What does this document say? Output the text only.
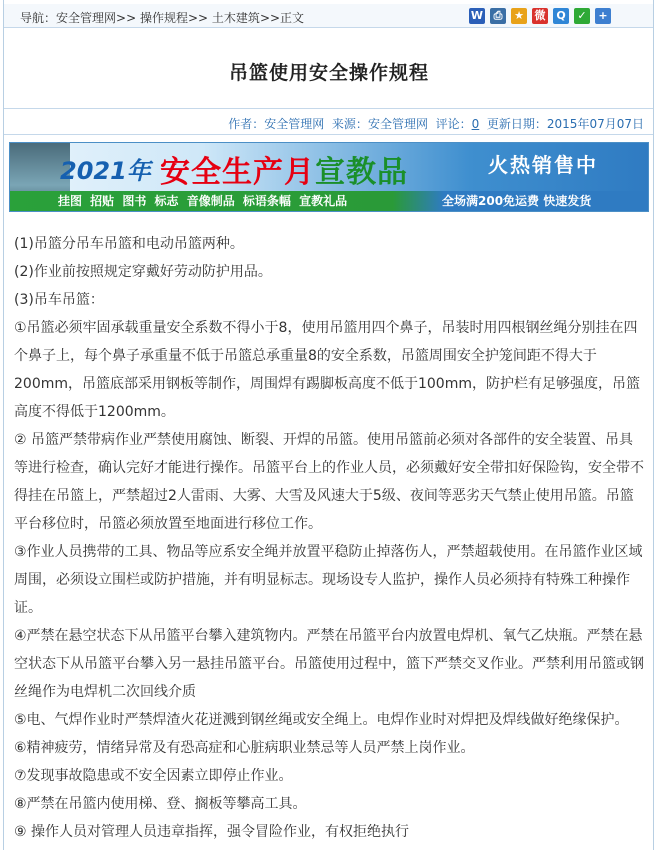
导航：安全管理网>> 操作规程>> 土木建筑>>正文	W ⎙	★ 微 Q	✓	+
吊篮使用安全操作规程
作者：安全管理网 来源：安全管理网 评论：0 更新日期：2015年07月07日
2021年 安全生产月宣教品	火热销售中
挂图 招贴 图书 标志 音像制品 标语条幅 宣教礼品	全场满200免运费 快速发货

(1)吊篮分吊车吊篮和电动吊篮两种。

(2)作业前按照规定穿戴好劳动防护用品。

(3)吊车吊篮：

①吊篮必须牢固承载重量安全系数不得小于8，使用吊篮用四个鼻子，吊装时用四根钢丝绳分别挂在四个鼻子上，每个鼻子承重量不低于吊篮总承重量8的安全系数，吊篮周围安全护笼间距不得大于200mm，吊篮底部采用钢板等制作，周围焊有踢脚板高度不低于100mm，防护栏有足够强度，吊篮高度不得低于1200mm。

② 吊篮严禁带病作业严禁使用腐蚀、断裂、开焊的吊篮。使用吊篮前必须对各部件的安全装置、吊具等进行检查，确认完好才能进行操作。吊篮平台上的作业人员，必须戴好安全带扣好保险钩，安全带不得挂在吊篮上，严禁超过2人雷雨、大雾、大雪及风速大于5级、夜间等恶劣天气禁止使用吊篮。吊篮平台移位时，吊篮必须放置至地面进行移位工作。

③作业人员携带的工具、物品等应系安全绳并放置平稳防止掉落伤人，严禁超载使用。在吊篮作业区域周围，必须设立围栏或防护措施，并有明显标志。现场设专人监护，操作人员必须持有特殊工种操作证。

④严禁在悬空状态下从吊篮平台攀入建筑物内。严禁在吊篮平台内放置电焊机、氧气乙炔瓶。严禁在悬空状态下从吊篮平台攀入另一悬挂吊篮平台。吊篮使用过程中，篮下严禁交叉作业。严禁利用吊篮或钢丝绳作为电焊机二次回线介质

⑤电、气焊作业时严禁焊渣火花迸溅到钢丝绳或安全绳上。电焊作业时对焊把及焊线做好绝缘保护。

⑥精神疲劳，情绪异常及有恐高症和心脏病职业禁忌等人员严禁上岗作业。

⑦发现事故隐患或不安全因素立即停止作业。

⑧严禁在吊篮内使用梯、登、搁板等攀高工具。

⑨ 操作人员对管理人员违章指挥，强令冒险作业，有权拒绝执行
